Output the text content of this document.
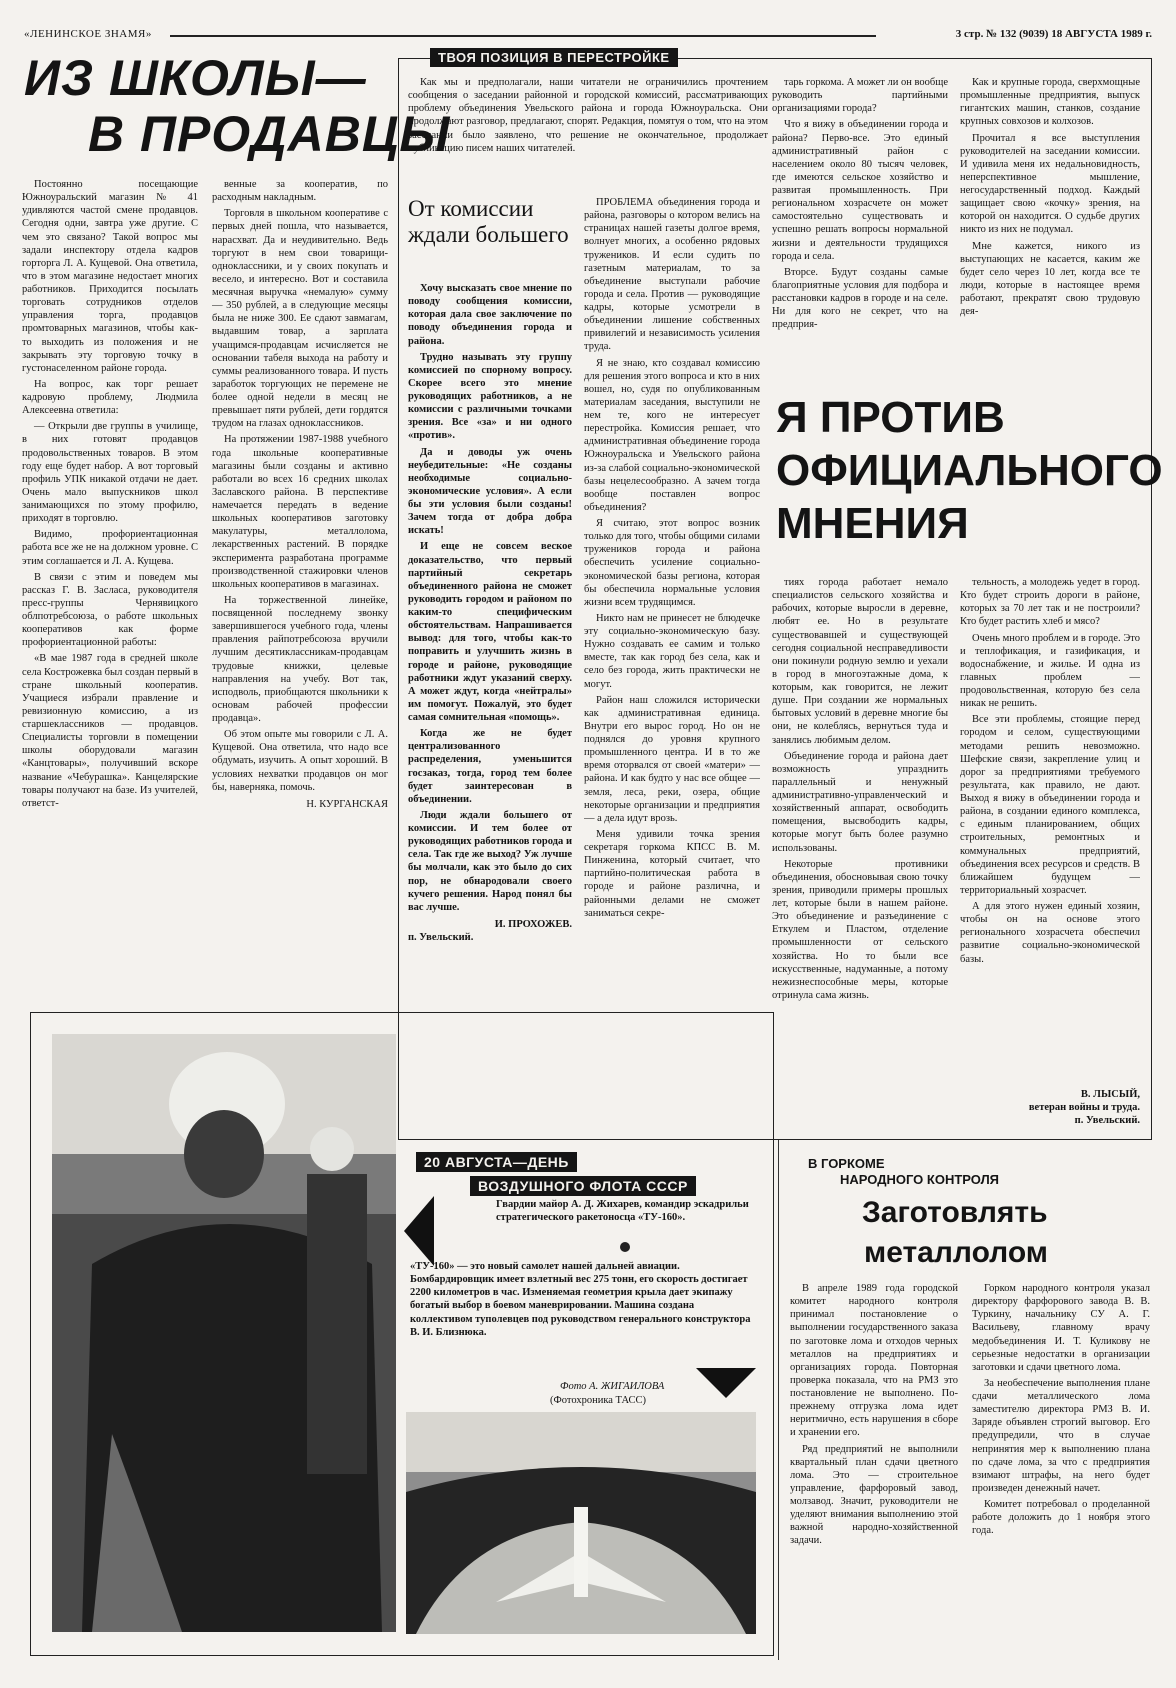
«ЛЕНИНСКОЕ ЗНАМЯ»	3 стр. № 132 (9039) 18 АВГУСТА 1989 г.
ИЗ ШКОЛЫ—
В ПРОДАВЦЫ

Постоянно посещающие Южноуральский магазин № 41 удивляются частой смене продавцов. Сегодня одни, завтра уже другие. С чем это связано? Такой вопрос мы задали инспектору отдела кадров горторга Л. А. Кущевой. Она ответила, что в этом магазине недостает многих работников. Приходится посылать торговать сотрудников отделов управления торга, продавцов промтоварных магазинов, чтобы как-то выходить из положения и не закрывать эту торговую точку в густонаселенном районе города.

На вопрос, как торг решает кадровую проблему, Людмила Алексеевна ответила:

— Открыли две группы в училище, в них готовят продавцов продовольственных товаров. В этом году еще будет набор. А вот торговый профиль УПК никакой отдачи не дает. Очень мало выпускников школ занимающихся по этому профилю, приходят в торговлю.

Видимо, профориентационная работа все же не на должном уровне. С этим соглашается и Л. А. Кущева.

В связи с этим и поведем мы рассказ Г. В. Засласа, руководителя пресс-группы Чернявицкого облпотребсоюза, о работе школьных кооперативов как форме профориентационной работы:

«В мае 1987 года в средней школе села Кострожевка был создан первый в стране школьный кооператив. Учащиеся избрали правление и ревизионную комиссию, а из старшеклассников — продавцов. Специалисты торговли в помещении школы оборудовали магазин «Канцтовары», получивший вскоре название «Чебурашка». Канцелярские товары получают на базе. Из учителей, ответст-

венные за кооператив, по расходным накладным.

Торговля в школьном кооперативе с первых дней пошла, что называется, нарасхват. Да и неудивительно. Ведь торгуют в нем свои товарищи-одноклассники, и у своих покупать и весело, и интересно. Вот и составила месячная выручка «немалую» сумму — 350 рублей, а в следующие месяцы была не ниже 300. Ее сдают завмагам, выдавшим товар, а зарплата учащимся-продавцам исчисляется не основании табеля выхода на работу и суммы реализованного товара. И пусть заработок торгующих не перемене не более одной недели в месяц не превышает пяти рублей, дети гордятся трудом на глазах одноклассников.

На протяжении 1987-1988 учебного года школьные кооперативные магазины были созданы и активно работали во всех 16 средних школах Заславского района. В перспективе намечается передать в ведение школьных кооперативов заготовку макулатуры, металлолома, лекарственных растений. В порядке эксперимента разработана программе производственной стажировки членов школьных кооперативов в магазинах.

На торжественной линейке, посвященной последнему звонку завершившегося учебного года, члены правления райпотребсоюза вручили лучшим десятиклассникам-продавцам трудовые книжки, целевые направления на учебу. Вот так, исподволь, приобщаются школьники к основам рабочей профессии продавца».

Об этом опыте мы говорили с Л. А. Кущевой. Она ответила, что надо все обдумать, изучить. А опыт хороший. В условиях нехватки продавцов он мог бы, наверняка, помочь.

Н. КУРГАНСКАЯ
ТВОЯ ПОЗИЦИЯ В ПЕРЕСТРОЙКЕ

Как мы и предполагали, наши читатели не ограничились прочтением сообщения о заседании районной и городской комиссий, рассматривающих проблему объединения Увельского района и города Южноуральска. Они продолжают разговор, предлагают, спорят. Редакция, помятуя о том, что на этом заседании было заявлено, что решение не окончательное, продолжает публикацию писем наших читателей.

От комиссии ждали большего

Хочу высказать свое мнение по поводу сообщения комиссии, которая дала свое заключение по поводу объединения города и района.

Трудно называть эту группу комиссией по спорному вопросу. Скорее всего это мнение руководящих работников, а не комиссии с различными точками зрения. Все «за» и ни одного «против».

Да и доводы уж очень неубедительные: «Не созданы необходимые социально-экономические условия». А если бы эти условия были созданы! Зачем тогда от добра добра искать!

И еще не совсем веское доказательство, что первый партийный секретарь объединенного района не сможет руководить городом и районом по каким-то специфическим обстоятельствам. Напрашивается вывод: для того, чтобы как-то поправить и улучшить жизнь в городе и районе, руководящие работники ждут указаний сверху. А может ждут, когда «нейтралы» им помогут. Пожалуй, это будет самая сомнительная «помощь».

Когда же не будет централизованного распределения, уменьшится госзаказ, тогда, город тем более будет заинтересован в объединении.

Люди ждали большего от комиссии. И тем более от руководящих работников города и села. Так где же выход? Уж лучше бы молчали, как это было до сих пор, не обнародовали своего кучего решения. Народ понял бы вас лучше.

И. ПРОХОЖЕВ.
п. Увельский.

ПРОБЛЕМА объединения города и района, разговоры о котором велись на страницах нашей газеты долгое время, волнует многих, а особенно рядовых тружеников. И если судить по газетным материалам, то за объединение выступали рабочие города и села. Против — руководящие кадры, которые усмотрели в объединении лишение собственных привилегий и независимость усиления труда.

Я не знаю, кто создавал комиссию для решения этого вопроса и кто в них вошел, но, судя по опубликованным материалам заседания, выступили не нем те, кого не интересует перестройка. Комиссия решает, что административная объединение города Южноуральска и Увельского района из-за слабой социально-экономической базы нецелесообразно. А зачем тогда вообще поставлен вопрос объединения?

Я считаю, этот вопрос возник только для того, чтобы общими силами тружеников города и района обеспечить усиление социально-экономической базы региона, которая бы обеспечила нормальные условия жизни всем трудящимся.

Никто нам не принесет не блюдечке эту социально-экономическую базу. Нужно создавать ее самим и только вместе, так как город без села, как и село без города, жить практически не могут.

Район наш сложился исторически как административная единица. Внутри его вырос город. Но он не поднялся до уровня крупного промышленного центра. И в то же время оторвался от своей «матери» — района. И как будто у нас все общее — земля, леса, реки, озера, общие некоторые организации и предприятия — а дела идут врозь.

Меня удивили точка зрения секретаря горкома КПСС В. М. Пинженина, который считает, что партийно-политическая работа в городе и районе различна, и районными делами не сможет заниматься секре-

тарь горкома. А может ли он вообще руководить партийными организациями города?

Что я вижу в объединении города и района? Перво-все. Это единый административный район с населением около 80 тысяч человек, где имеются сельское хозяйство и развитая промышленность. При региональном хозрасчете он может самостоятельно существовать и успешно решать вопросы нормальной жизни и деятельности трудящихся города и села.

Вторсе. Будут созданы самые благоприятные условия для подбора и расстановки кадров в городе и на селе. Ни для кого не секрет, что на предприя-

Как и крупные города, сверхмощные промышленные предприятия, выпуск гигантских машин, станков, создание крупных совхозов и колхозов.

Прочитал я все выступления руководителей на заседании комиссии. И удивила меня их недальновидность, неперспективное мышление, негосударственный подход. Каждый защищает свою «кочку» зрения, на которой он находится. О судьбе других никто из них не подумал.

Мне кажется, никого из выступающих не касается, каким же будет село через 10 лет, когда все те люди, которые в настоящее время работают, прекратят свою трудовую дея-

Я ПРОТИВ
ОФИЦИАЛЬНОГО
МНЕНИЯ

тиях города работает немало специалистов сельского хозяйства и рабочих, которые выросли в деревне, любят ее. Но в результате существовавшей и существующей сегодня социальной несправедливости они покинули родную землю и уехали в город в многоэтажные дома, к которым, как говорится, не лежит душе. При создании же нормальных бытовых условий в деревне многие бы они, не колеблясь, вернуться туда и занялись любимым делом.

Объединение города и района дает возможность упразднить параллельный и ненужный административно-управленческий и хозяйственный аппарат, освободить помещения, высвободить кадры, которые могут быть более разумно использованы.

Некоторые противники объединения, обосновывая свою точку зрения, приводили примеры прошлых лет, которые были в нашем районе. Это объединение и разъединение с Еткулем и Пластом, отделение промышленности от сельского хозяйства. Но то были все искусственные, надуманные, а потому нежизнеспособные меры, которые отринула сама жизнь.

тельность, а молодежь уедет в город. Кто будет строить дороги в районе, которых за 70 лет так и не построили? Кто будет растить хлеб и мясо?

Очень много проблем и в городе. Это и теплофикация, и газификация, и водоснабжение, и жилье. И одна из главных проблем — продовольственная, которую без села никак не решить.

Все эти проблемы, стоящие перед городом и селом, существующими методами решить невозможно. Шефские связи, закрепление улиц и дорог за предприятиями требуемого результата, как правило, не дают. Выход я вижу в объединении города и района, в создании единого комплекса, с единым планированием, общих строительных, ремонтных и коммунальных предприятий, объединения всех ресурсов и средств. В ближайшем будущем — территориальный хозрасчет.

А для этого нужен единый хозяин, чтобы он на основе этого регионального хозрасчета обеспечил развитие социально-экономической базы.

В. ЛЫСЫЙ,
ветеран войны и труда.
п. Увельский.
20 АВГУСТА—ДЕНЬ
ВОЗДУШНОГО ФЛОТА СССР
Гвардии майор А. Д. Жихарев, командир эскадрильи стратегического ракетоносца «ТУ-160».
«ТУ-160» — это новый самолет нашей дальней авиации. Бомбардировщик имеет взлетный вес 275 тонн, его скорость достигает 2200 километров в час. Изменяемая геометрия крыла дает экипажу богатый выбор в боевом маневрировании. Машина создана коллективом туполевцев под руководством генерального конструктора В. И. Близнюка.
Фото А. ЖИГАИЛОВА
(Фотохроника ТАСС)
В ГОРКОМЕ
НАРОДНОГО КОНТРОЛЯ
Заготовлять
металлолом

В апреле 1989 года городской комитет народного контроля принимал постановление о выполнении государственного заказа по заготовке лома и отходов черных металлов на предприятиях и организациях города. Повторная проверка показала, что на РМЗ это постановление не выполнено. По-прежнему отгрузка лома идет неритмично, есть нарушения в сборе и хранении его.

Ряд предприятий не выполнили квартальный план сдачи цветного лома. Это — строительное управление, фарфоровый завод, молзавод. Значит, руководители не уделяют внимания выполнению этой важной народно-хозяйственной задачи.

Горком народного контроля указал директору фарфорового завода В. В. Туркину, начальнику СУ А. Г. Васильеву, главному врачу медобъединения И. Т. Куликову не серьезные недостатки в организации заготовки и сдачи цветного лома.

За необеспечение выполнения плане сдачи металлического лома заместителю директора РМЗ В. И. Заряде объявлен строгий выговор. Его предупредили, что в случае непринятия мер к выполнению плана по сдаче лома, за что с предприятия взимают штрафы, на него будет произведен денежный начет.

Комитет потребовал о проделанной работе доложить до 1 ноября этого года.
